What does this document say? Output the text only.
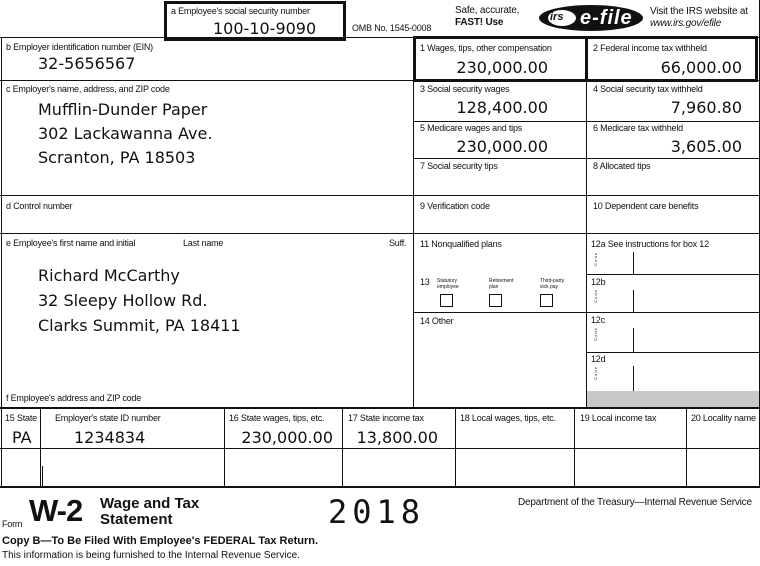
a Employee's social security number
100-10-9090	OMB No. 1545-0008
Safe, accurate,
FAST! Use	irs e‑file Visit the IRS website at
www.irs.gov/efile
b Employer identification number (EIN)
32-5656567
c Employer's name, address, and ZIP code
Mufflin-Dunder Paper
302 Lackawanna Ave.
Scranton, PA 18503
1 Wages, tips, other compensation
230,000.00
2 Federal income tax withheld
66,000.00
3 Social security wages
128,400.00
4 Social security tax withheld
7,960.80
5 Medicare wages and tips
230,000.00
6 Medicare tax withheld
3,605.00
7 Social security tips	8 Allocated tips
d Control number	9 Verification code	10 Dependent care benefits
e Employee's first name and initial	Last name	Suff.
Richard McCarthy
32 Sleepy Hollow Rd.
Clarks Summit, PA 18411
f Employee's address and ZIP code
11 Nonqualified plans
13 Statutory employee
Retirement plan
Third-party sick pay
14 Other
12a See instructions for box 12
C o d e
12b
C o d e
12c
C o d e
12d
C o d e
15 State Employer's state ID number
PA	1234834
16 State wages, tips, etc.
230,000.00
17 State income tax
13,800.00
18 Local wages, tips, etc.	19 Local income tax	20 Locality name
Form W-2 Wage and Tax
Statement	2018	Department of the Treasury—Internal Revenue Service
Copy B—To Be Filed With Employee's FEDERAL Tax Return.
This information is being furnished to the Internal Revenue Service.
